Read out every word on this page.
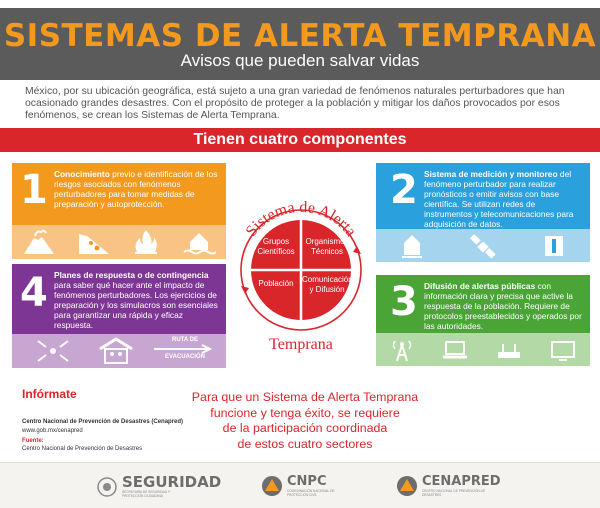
SISTEMAS DE ALERTA TEMPRANA
Avisos que pueden salvar vidas
México, por su ubicación geográfica, está sujeto a una gran variedad de fenómenos naturales perturbadores que han ocasionado grandes desastres. Con el propósito de proteger a la población y mitigar los daños provocados por esos fenómenos, se crean los Sistemas de Alerta Temprana.
Tienen cuatro componentes
1 Conocimiento previo e identificación de los riesgos asociados con fenómenos perturbadores para tomar medidas de preparación y autoprotección.
4 Planes de respuesta o de contingencia para saber qué hacer ante el impacto de fenómenos perturbadores. Los ejercicios de preparación y los simulacros son esenciales para garantizar una rápida y eficaz respuesta.
RUTA DE
EVACUACIÓN
2 Sistema de medición y monitoreo del fenómeno perturbador para realizar pronósticos o emitir avisos con base científica. Se utilizan redes de instrumentos y telecomunicaciones para adquisición de datos.
3 Difusión de alertas públicas con información clara y precisa que active la respuesta de la población. Requiere de protocolos preestablecidos y operados por las autoridades.
Sistema de Alerta
Grupos Científicos
Organismos Técnicos
Población	Comunicación y Difusión
Temprana
Infórmate
Centro Nacional de Prevención de Desastres (Cenapred)
www.gob.mx/cenapred
Fuente:
Centro Nacional de Prevención de Desastres
Para que un Sistema de Alerta Temprana
funcione y tenga éxito, se requiere
de la participación coordinada
de estos cuatro sectores
SEGURIDAD
SECRETARÍA DE SEGURIDAD Y PROTECCIÓN CIUDADANA
CNPC
COORDINACIÓN NACIONAL DE PROTECCIÓN CIVIL
CENAPRED
CENTRO NACIONAL DE PREVENCIÓN DE DESASTRES
